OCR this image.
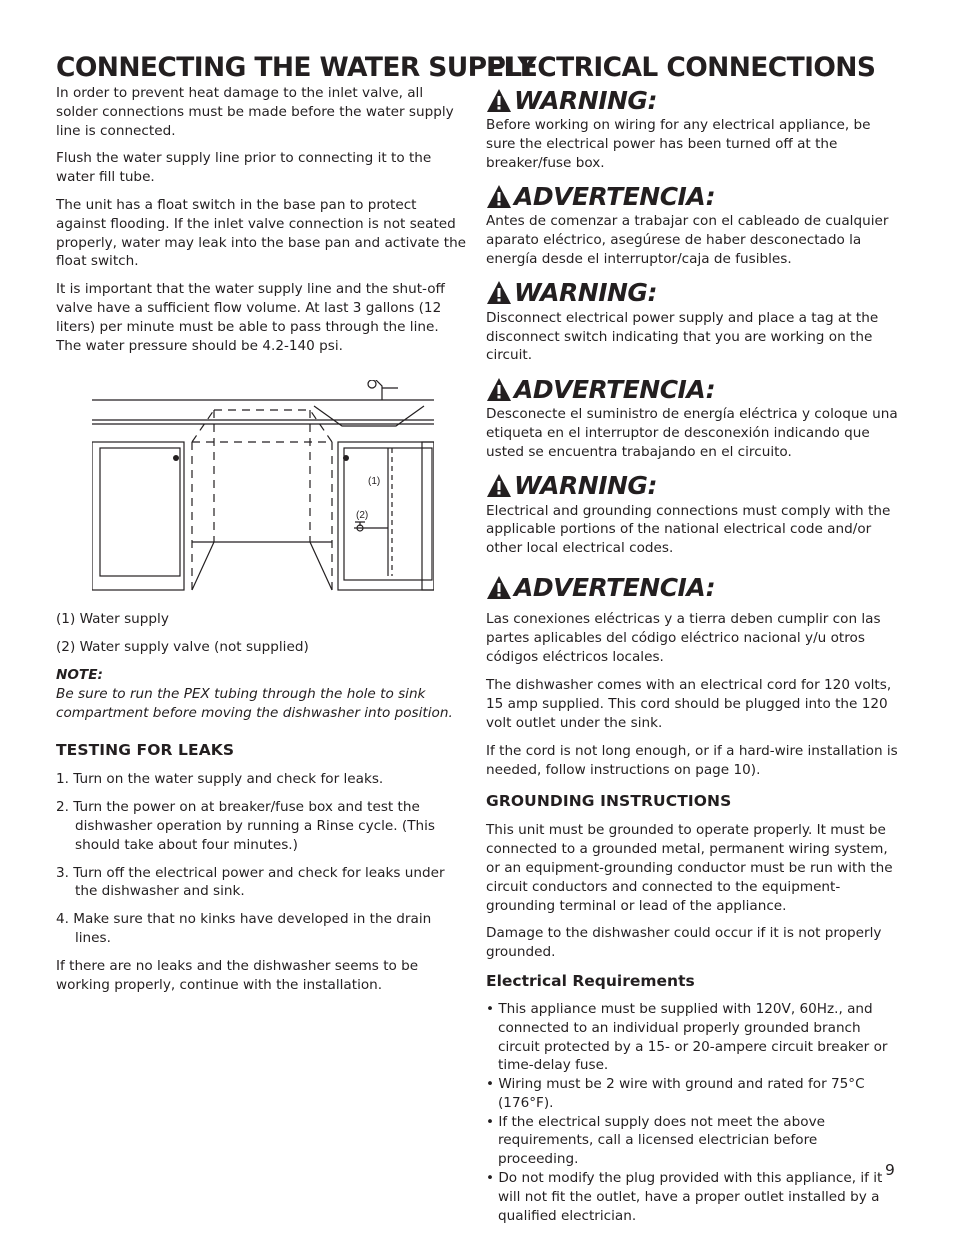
CONNECTING THE WATER SUPPLY

In order to prevent heat damage to the inlet valve, all solder connections must be made before the water supply line is connected.

Flush the water supply line prior to connecting it to the water fill tube.

The unit has a float switch in the base pan to protect against flooding. If the inlet valve connection is not seated properly, water may leak into the base pan and activate the float switch.

It is important that the water supply line and the shut-off valve have a sufficient flow volume. At last 3 gallons (12 liters) per minute must be able to pass through the line. The water pressure should be 4.2-140 psi.

(1)
(2)

(1) Water supply

(2) Water supply valve (not supplied)

NOTE:

Be sure to run the PEX tubing through the hole to sink compartment before moving the dishwasher into position.

TESTING FOR LEAKS

1. Turn on the water supply and check for leaks.

2. Turn the power on at breaker/fuse box and test the dishwasher operation by running a Rinse cycle. (This should take about four minutes.)

3. Turn off the electrical power and check for leaks under the dishwasher and sink.

4. Make sure that no kinks have developed in the drain lines.

If there are no leaks and the dishwasher seems to be working properly, continue with the installation.

ELECTRICAL CONNECTIONS
WARNING:

Before working on wiring for any electrical appliance, be sure the electrical power has been turned off at the breaker/fuse box.

ADVERTENCIA:

Antes de comenzar a trabajar con el cableado de cualquier aparato eléctrico, asegúrese de haber desconectado la energía desde el interruptor/caja de fusibles.

WARNING:

Disconnect electrical power supply and place a tag at the disconnect switch indicating that you are working on the circuit.

ADVERTENCIA:

Desconecte el suministro de energía eléctrica y coloque una etiqueta en el interruptor de desconexión indicando que usted se encuentra trabajando en el circuito.

WARNING:

Electrical and grounding connections must comply with the applicable portions of the national electrical code and/or other local electrical codes.

ADVERTENCIA:

Las conexiones eléctricas y a tierra deben cumplir con las partes aplicables del código eléctrico nacional y/u otros códigos eléctricos locales.

The dishwasher comes with an electrical cord for 120 volts, 15 amp supplied. This cord should be plugged into the 120 volt outlet under the sink.

If the cord is not long enough, or if a hard-wire installation is needed, follow instructions on page 10).

GROUNDING INSTRUCTIONS

This unit must be grounded to operate properly. It must be connected to a grounded metal, permanent wiring system, or an equipment-grounding conductor must be run with the circuit conductors and connected to the equipment-grounding terminal or lead of the appliance.

Damage to the dishwasher could occur if it is not properly grounded.

Electrical Requirements
• This appliance must be supplied with 120V, 60Hz., and connected to an individual properly grounded branch circuit protected by a 15- or 20-ampere circuit breaker or time-delay fuse.
• Wiring must be 2 wire with ground and rated for 75°C (176°F).
• If the electrical supply does not meet the above requirements, call a licensed electrician before proceeding.
• Do not modify the plug provided with this appliance, if it will not fit the outlet, have a proper outlet installed by a qualified electrician.
9
